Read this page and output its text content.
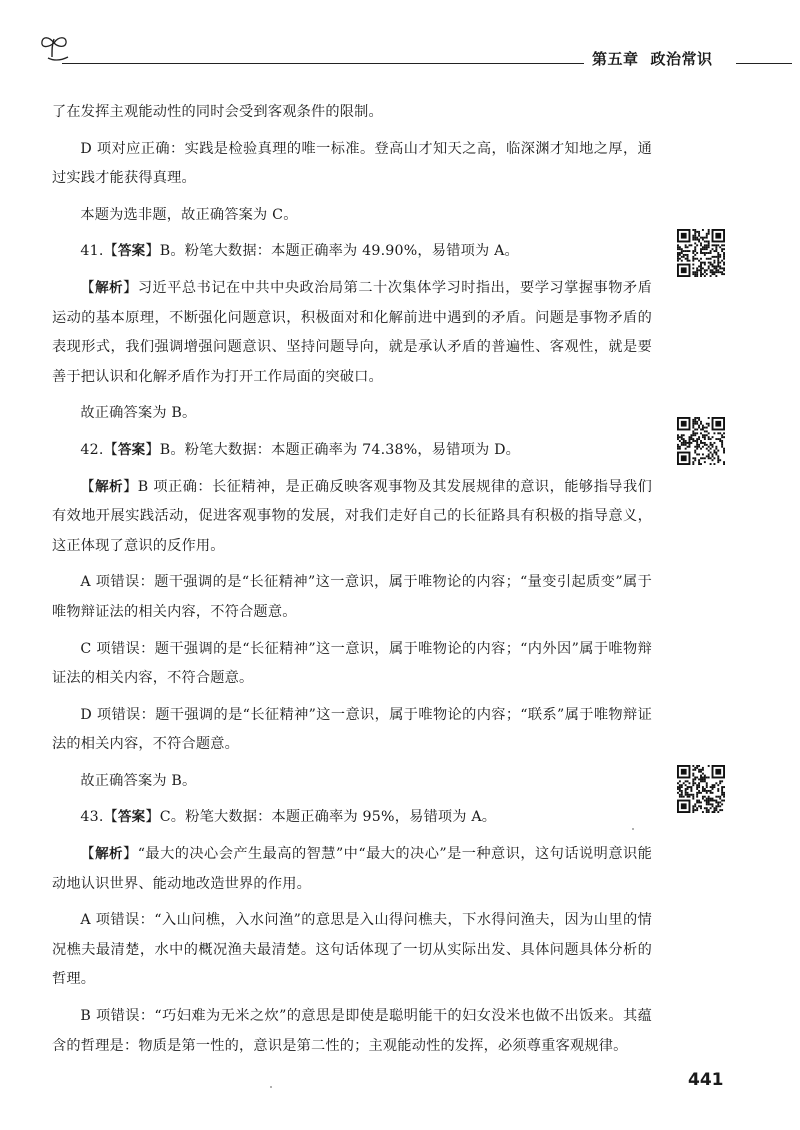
第五章 政治常识

了在发挥主观能动性的同时会受到客观条件的限制。

D 项对应正确：实践是检验真理的唯一标准。登高山才知天之高，临深渊才知地之厚，通过实践才能获得真理。

本题为选非题，故正确答案为 C。

41.【答案】B。粉笔大数据：本题正确率为 49.90%，易错项为 A。

【解析】习近平总书记在中共中央政治局第二十次集体学习时指出，要学习掌握事物矛盾运动的基本原理，不断强化问题意识，积极面对和化解前进中遇到的矛盾。问题是事物矛盾的表现形式，我们强调增强问题意识、坚持问题导向，就是承认矛盾的普遍性、客观性，就是要善于把认识和化解矛盾作为打开工作局面的突破口。

故正确答案为 B。

42.【答案】B。粉笔大数据：本题正确率为 74.38%，易错项为 D。

【解析】B 项正确：长征精神，是正确反映客观事物及其发展规律的意识，能够指导我们有效地开展实践活动，促进客观事物的发展，对我们走好自己的长征路具有积极的指导意义，这正体现了意识的反作用。

A 项错误：题干强调的是“长征精神”这一意识，属于唯物论的内容；“量变引起质变”属于唯物辩证法的相关内容，不符合题意。

C 项错误：题干强调的是“长征精神”这一意识，属于唯物论的内容；“内外因”属于唯物辩证法的相关内容，不符合题意。

D 项错误：题干强调的是“长征精神”这一意识，属于唯物论的内容；“联系”属于唯物辩证法的相关内容，不符合题意。

故正确答案为 B。

43.【答案】C。粉笔大数据：本题正确率为 95%，易错项为 A。

【解析】“最大的决心会产生最高的智慧”中“最大的决心”是一种意识，这句话说明意识能动地认识世界、能动地改造世界的作用。

A 项错误：“入山问樵，入水问渔”的意思是入山得问樵夫，下水得问渔夫，因为山里的情况樵夫最清楚，水中的概况渔夫最清楚。这句话体现了一切从实际出发、具体问题具体分析的哲理。

B 项错误：“巧妇难为无米之炊”的意思是即使是聪明能干的妇女没米也做不出饭来。其蕴含的哲理是：物质是第一性的，意识是第二性的；主观能动性的发挥，必须尊重客观规律。

441
